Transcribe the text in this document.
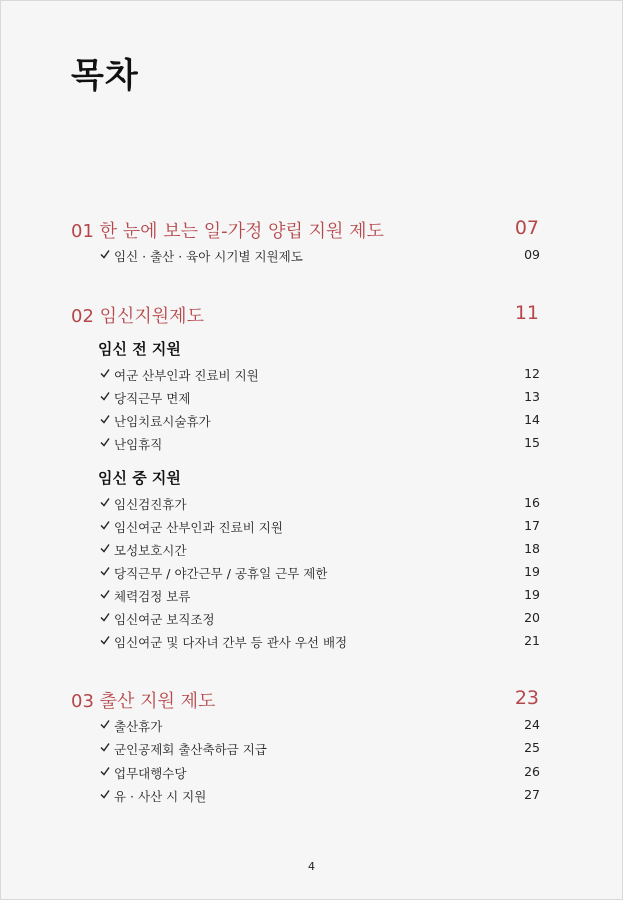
목차
01 한 눈에 보는 일-가정 양립 지원 제도	07
임신 · 출산 · 육아 시기별 지원제도	09
02 임신지원제도	11
임신 전 지원
여군 산부인과 진료비 지원	12
당직근무 면제	13
난임치료시술휴가	14
난임휴직	15
임신 중 지원
임신검진휴가	16
임신여군 산부인과 진료비 지원	17
모성보호시간	18
당직근무 / 야간근무 / 공휴일 근무 제한	19
체력검정 보류	19
임신여군 보직조정	20
임신여군 및 다자녀 간부 등 관사 우선 배정	21
03 출산 지원 제도	23
출산휴가	24
군인공제회 출산축하금 지급	25
업무대행수당	26
유 · 사산 시 지원	27
4
